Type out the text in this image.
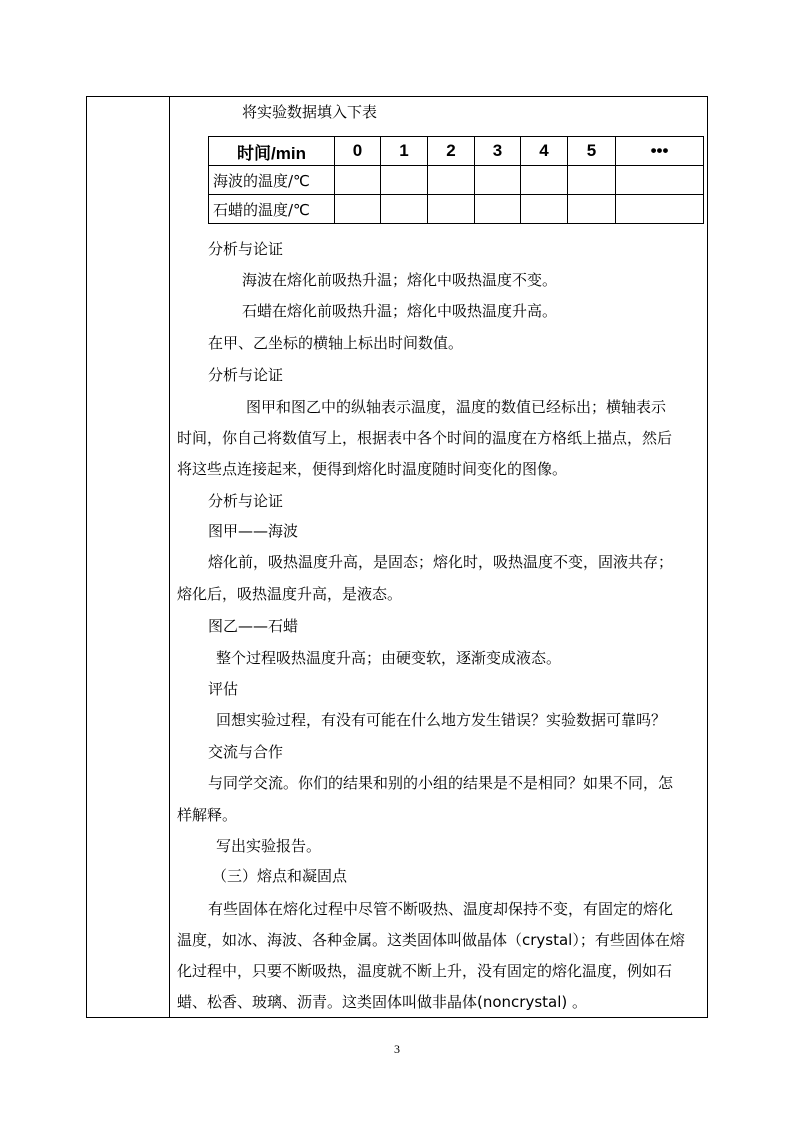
将实验数据填入下表
时间/min	0	1	2	3	4	5	•••
海波的温度/℃							
石蜡的温度/℃							
分析与论证
海波在熔化前吸热升温；熔化中吸热温度不变。
石蜡在熔化前吸热升温；熔化中吸热温度升高。
在甲、乙坐标的横轴上标出时间数值。
分析与论证
图甲和图乙中的纵轴表示温度，温度的数值已经标出；横轴表示
时间，你自己将数值写上，根据表中各个时间的温度在方格纸上描点，然后
将这些点连接起来，便得到熔化时温度随时间变化的图像。
分析与论证
图甲——海波
熔化前，吸热温度升高，是固态；熔化时，吸热温度不变，固液共存；
熔化后，吸热温度升高，是液态。
图乙——石蜡
整个过程吸热温度升高；由硬变软，逐渐变成液态。
评估
回想实验过程，有没有可能在什么地方发生错误？实验数据可靠吗？
交流与合作
与同学交流。你们的结果和别的小组的结果是不是相同？如果不同，怎
样解释。
写出实验报告。
（三）熔点和凝固点
有些固体在熔化过程中尽管不断吸热、温度却保持不变，有固定的熔化
温度，如冰、海波、各种金属。这类固体叫做晶体（crystal）；有些固体在熔
化过程中，只要不断吸热，温度就不断上升，没有固定的熔化温度，例如石
蜡、松香、玻璃、沥青。这类固体叫做非晶体(noncrystal) 。
3
